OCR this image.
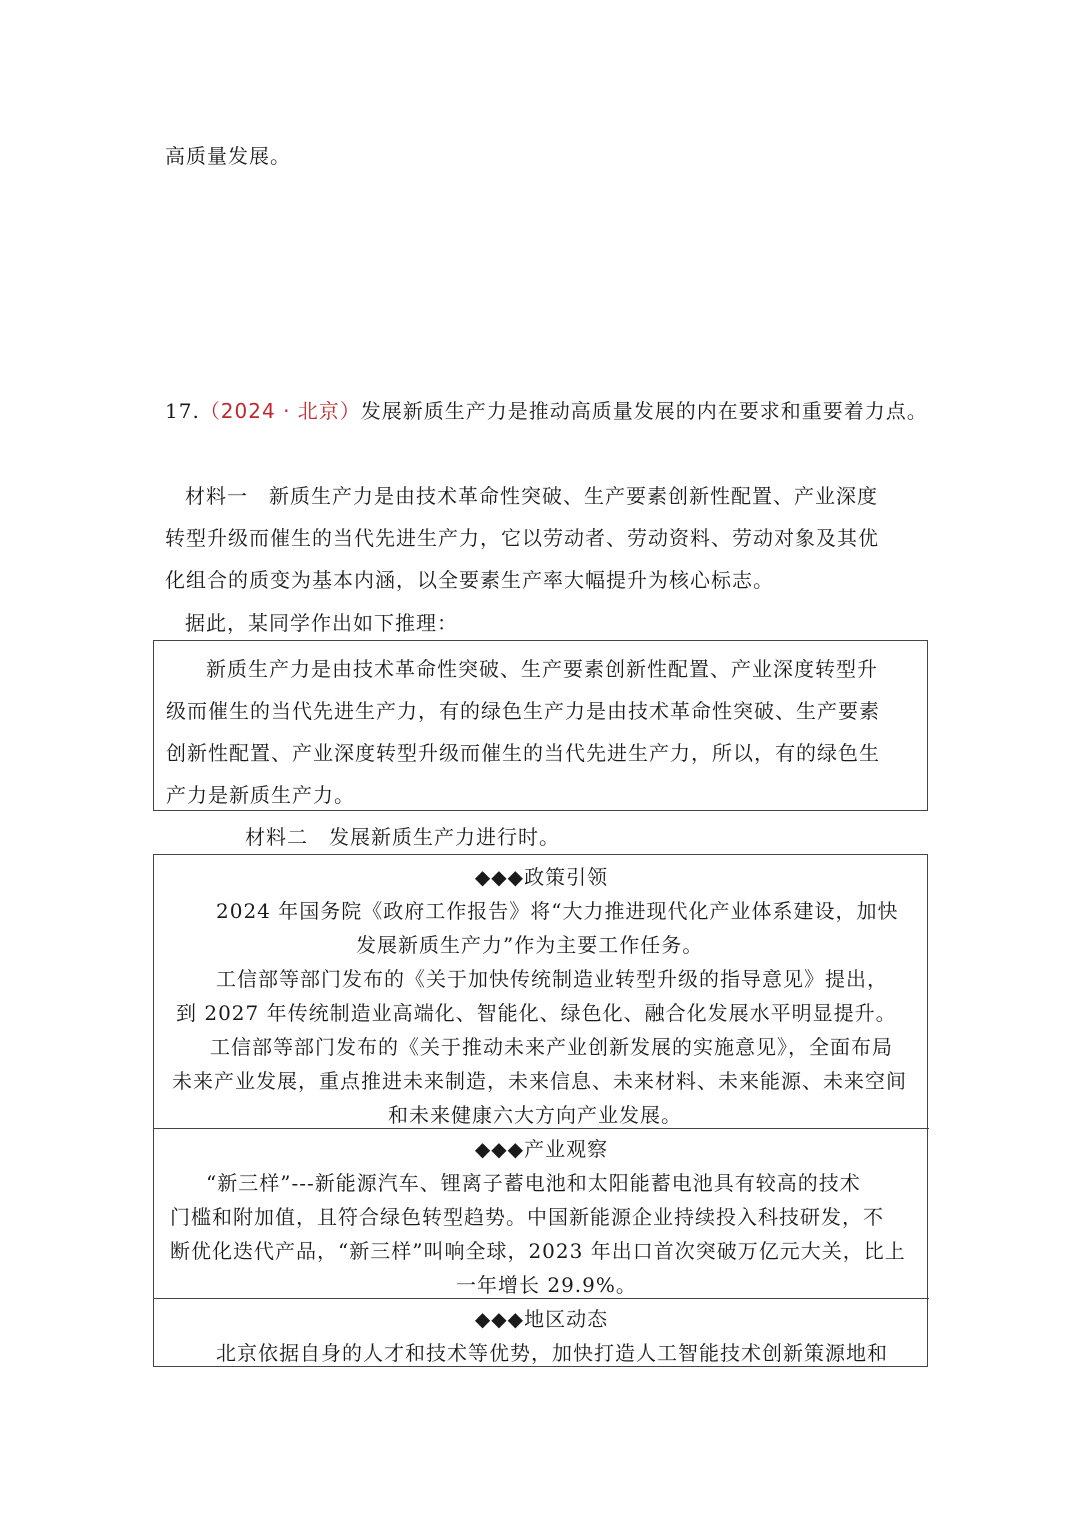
高质量发展。
17.（2024 · 北京）发展新质生产力是推动高质量发展的内在要求和重要着力点。
材料一　新质生产力是由技术革命性突破、生产要素创新性配置、产业深度
转型升级而催生的当代先进生产力，它以劳动者、劳动资料、劳动对象及其优
化组合的质变为基本内涵，以全要素生产率大幅提升为核心标志。
据此，某同学作出如下推理：
新质生产力是由技术革命性突破、生产要素创新性配置、产业深度转型升
级而催生的当代先进生产力，有的绿色生产力是由技术革命性突破、生产要素
创新性配置、产业深度转型升级而催生的当代先进生产力，所以，有的绿色生
产力是新质生产力。
材料二　发展新质生产力进行时。
◆◆◆政策引领
2024 年国务院《政府工作报告》将“大力推进现代化产业体系建设，加快
发展新质生产力”作为主要工作任务。
工信部等部门发布的《关于加快传统制造业转型升级的指导意见》提出，
到 2027 年传统制造业高端化、智能化、绿色化、融合化发展水平明显提升。
工信部等部门发布的《关于推动未来产业创新发展的实施意见》，全面布局
未来产业发展，重点推进未来制造，未来信息、未来材料、未来能源、未来空间
和未来健康六大方向产业发展。
◆◆◆产业观察
“新三样”---新能源汽车、锂离子蓄电池和太阳能蓄电池具有较高的技术
门槛和附加值，且符合绿色转型趋势。中国新能源企业持续投入科技研发，不
断优化迭代产品，“新三样”叫响全球，2023 年出口首次突破万亿元大关，比上
一年增长 29.9%。
◆◆◆地区动态
北京依据自身的人才和技术等优势，加快打造人工智能技术创新策源地和
